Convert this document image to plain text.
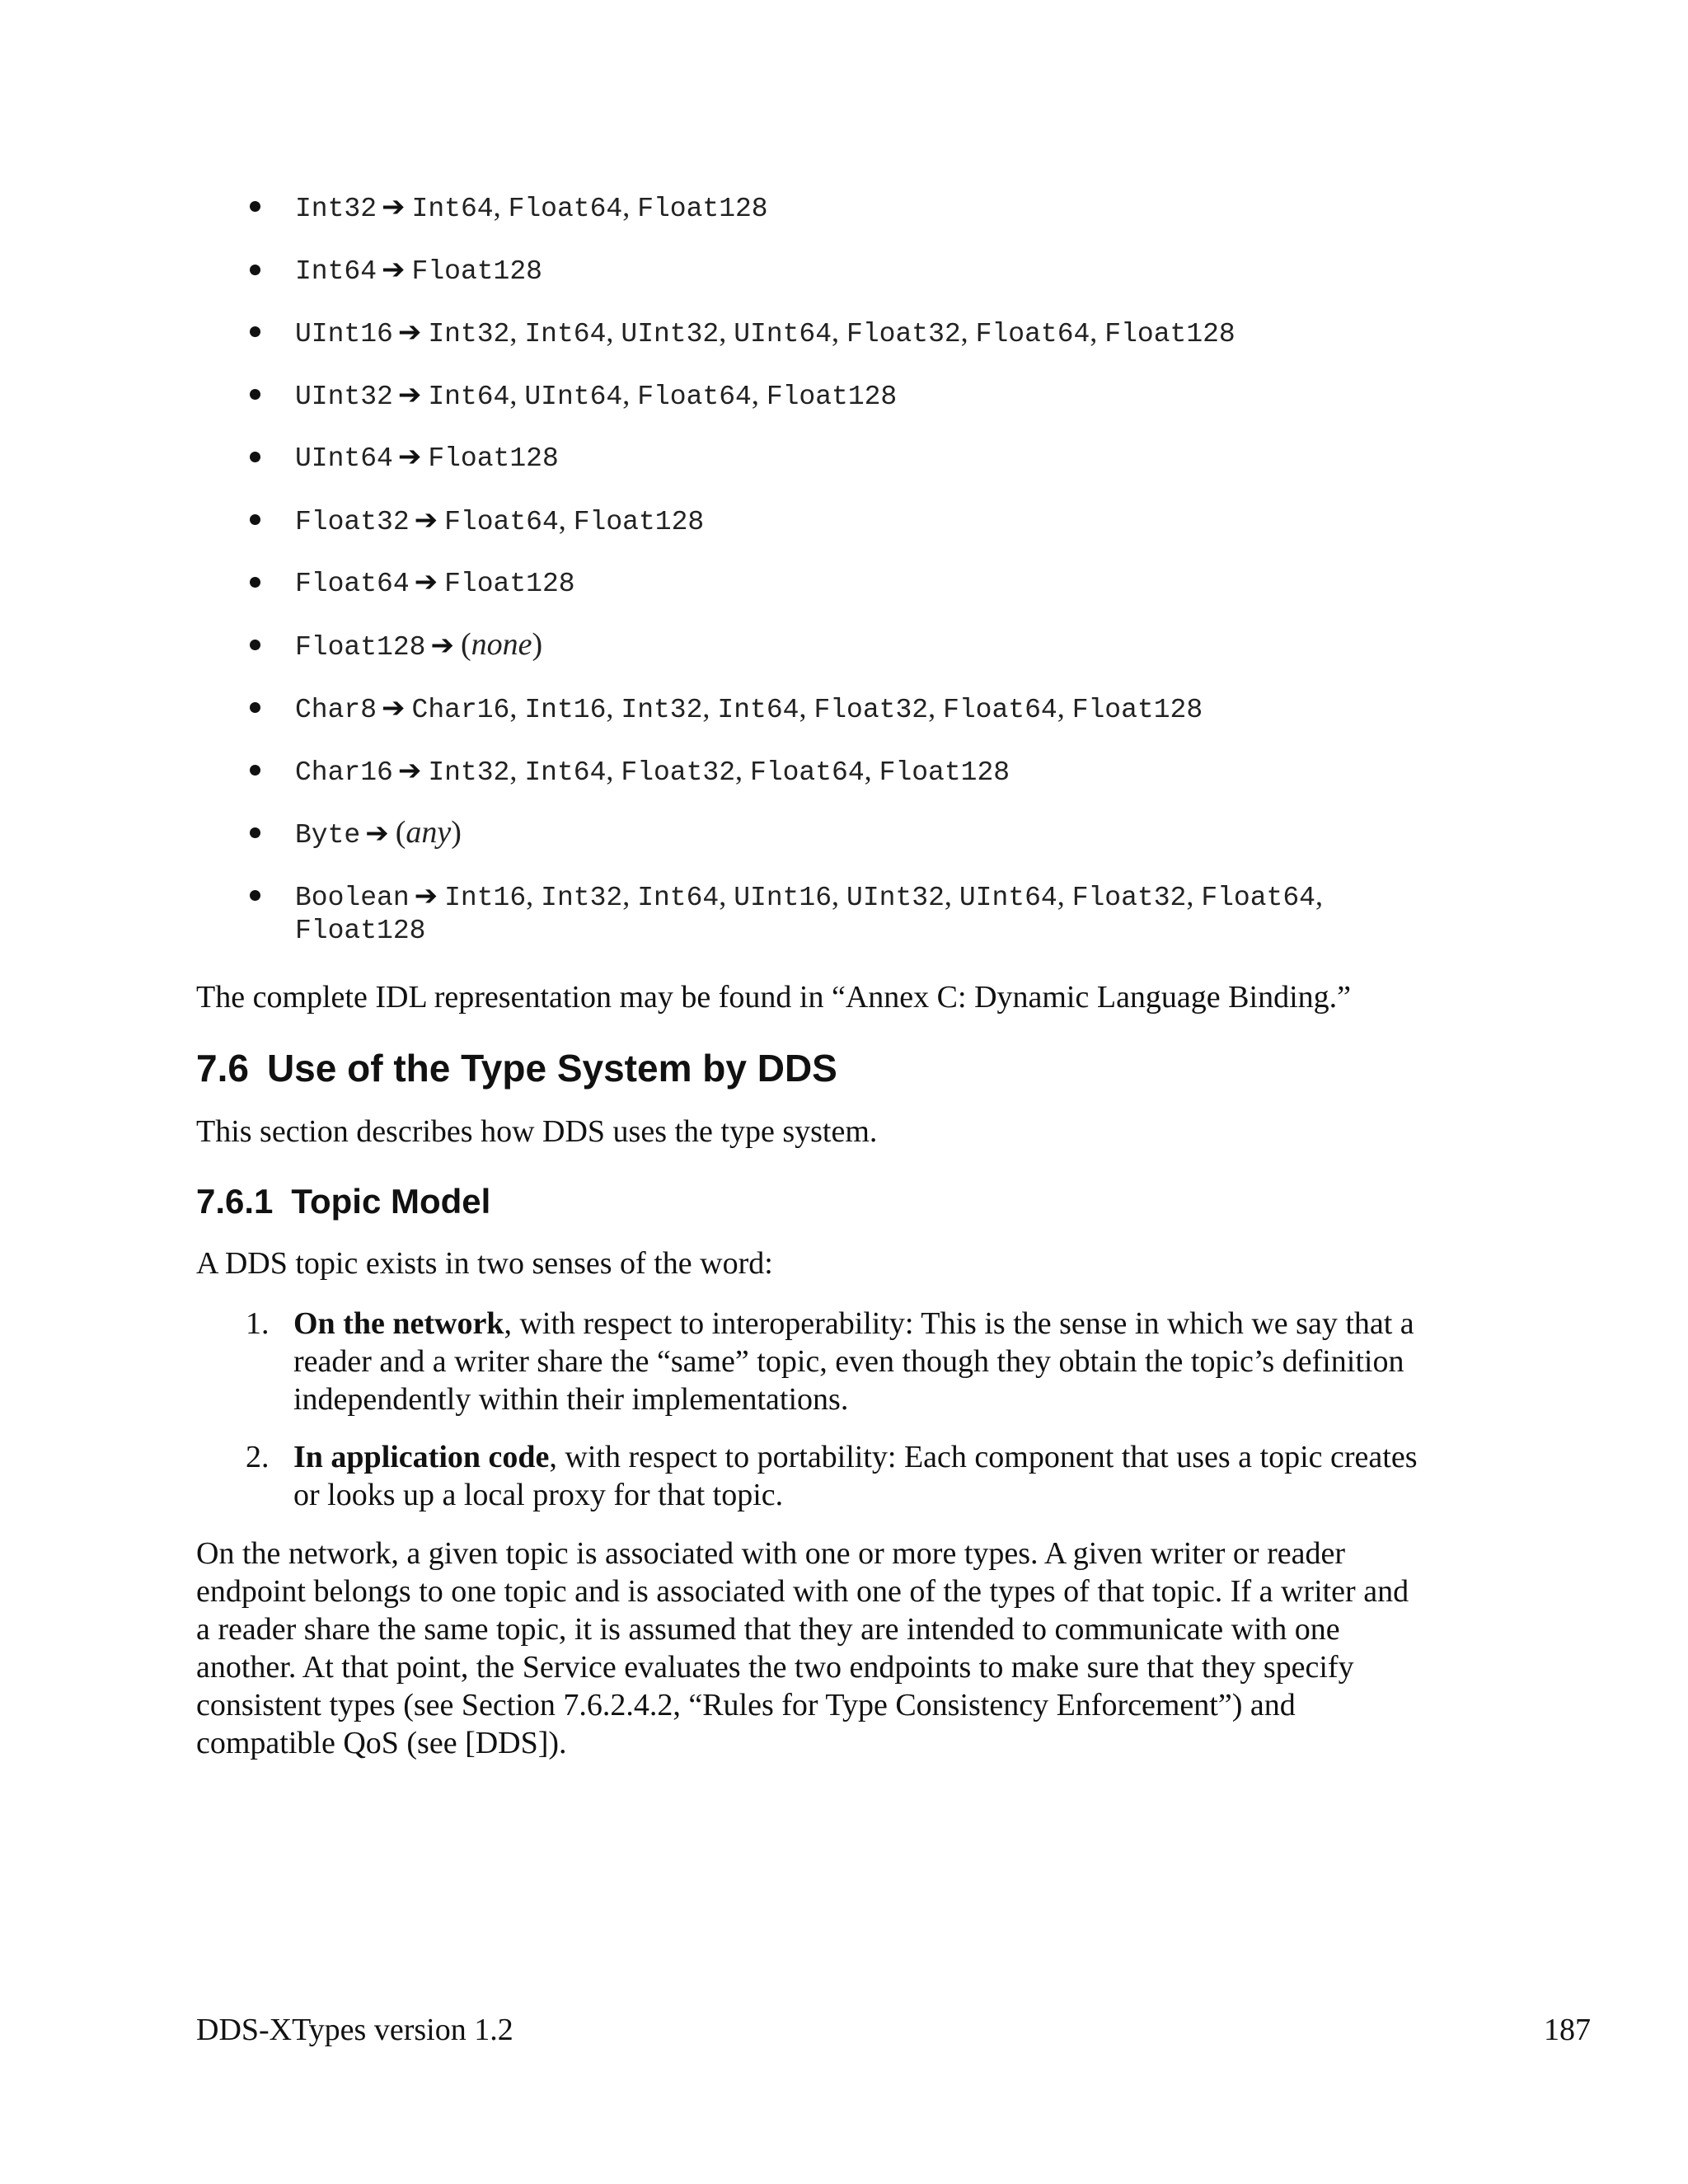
Int32 ➔ Int64, Float64, Float128
Int64 ➔ Float128
UInt16 ➔ Int32, Int64, UInt32, UInt64, Float32, Float64, Float128
UInt32 ➔ Int64, UInt64, Float64, Float128
UInt64 ➔ Float128
Float32 ➔ Float64, Float128
Float64 ➔ Float128
Float128 ➔ (none)
Char8 ➔ Char16, Int16, Int32, Int64, Float32, Float64, Float128
Char16 ➔ Int32, Int64, Float32, Float64, Float128
Byte ➔ (any)
Boolean ➔ Int16, Int32, Int64, UInt16, UInt32, UInt64, Float32, Float64, Float128

The complete IDL representation may be found in “Annex C: Dynamic Language Binding.”

7.6 Use of the Type System by DDS

This section describes how DDS uses the type system.

7.6.1 Topic Model

A DDS topic exists in two senses of the word:

1. On the network, with respect to interoperability: This is the sense in which we say that a
reader and a writer share the “same” topic, even though they obtain the topic’s definition
independently within their implementations.
2. In application code, with respect to portability: Each component that uses a topic creates
or looks up a local proxy for that topic.
On the network, a given topic is associated with one or more types. A given writer or reader
endpoint belongs to one topic and is associated with one of the types of that topic. If a writer and
a reader share the same topic, it is assumed that they are intended to communicate with one
another. At that point, the Service evaluates the two endpoints to make sure that they specify
consistent types (see Section 7.6.2.4.2, “Rules for Type Consistency Enforcement”) and
compatible QoS (see [DDS]).
DDS-XTypes version 1.2	187
